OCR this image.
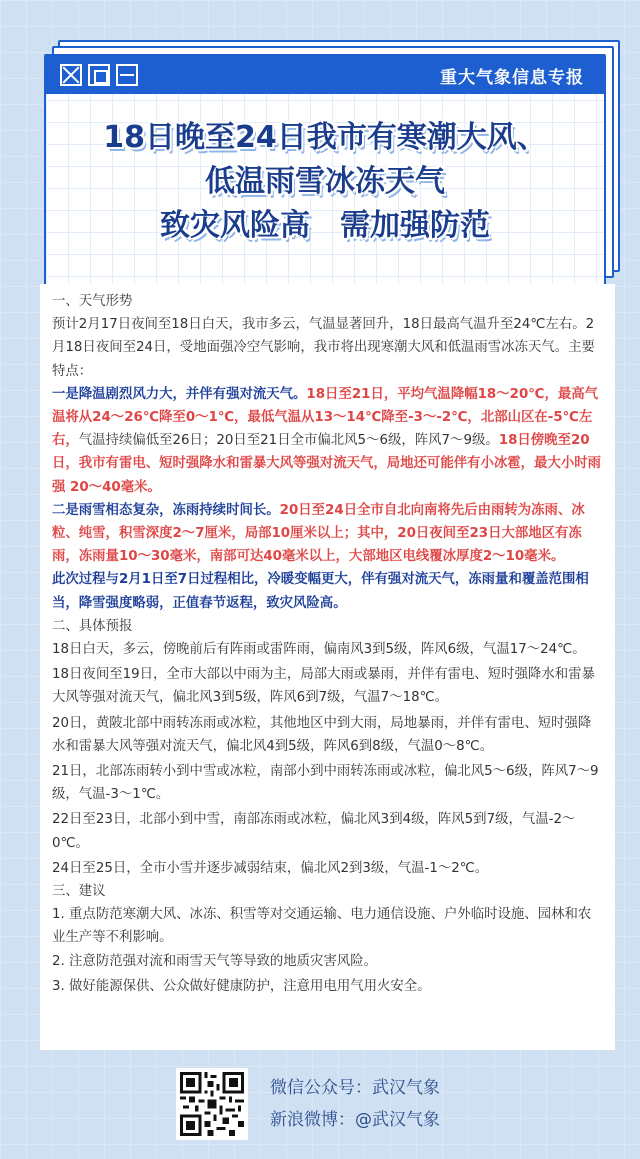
重大气象信息专报
18日晚至24日我市有寒潮大风、
低温雨雪冰冻天气
致灾风险高　需加强防范

一、天气形势

预计2月17日夜间至18日白天，我市多云，气温显著回升，18日最高气温升至24℃左右。2月18日夜间至24日，受地面强冷空气影响，我市将出现寒潮大风和低温雨雪冰冻天气。主要特点：

一是降温剧烈风力大，并伴有强对流天气。18日至21日，平均气温降幅18～20℃，最高气温将从24～26℃降至0～1℃，最低气温从13～14℃降至-3～-2℃，北部山区在-5℃左右，气温持续偏低至26日；20日至21日全市偏北风5～6级，阵风7～9级。18日傍晚至20日，我市有雷电、短时强降水和雷暴大风等强对流天气，局地还可能伴有小冰雹，最大小时雨强 20～40毫米。

二是雨雪相态复杂，冻雨持续时间长。20日至24日全市自北向南将先后由雨转为冻雨、冰粒、纯雪，积雪深度2～7厘米，局部10厘米以上；其中，20日夜间至23日大部地区有冻雨，冻雨量10～30毫米，南部可达40毫米以上，大部地区电线覆冰厚度2～10毫米。

此次过程与2月1日至7日过程相比，冷暖变幅更大，伴有强对流天气，冻雨量和覆盖范围相当，降雪强度略弱，正值春节返程，致灾风险高。

二、具体预报

18日白天，多云，傍晚前后有阵雨或雷阵雨，偏南风3到5级，阵风6级，气温17～24℃。

18日夜间至19日，全市大部以中雨为主，局部大雨或暴雨，并伴有雷电、短时强降水和雷暴大风等强对流天气，偏北风3到5级，阵风6到7级，气温7～18℃。

20日，黄陂北部中雨转冻雨或冰粒，其他地区中到大雨，局地暴雨，并伴有雷电、短时强降水和雷暴大风等强对流天气，偏北风4到5级，阵风6到8级，气温0～8℃。

21日，北部冻雨转小到中雪或冰粒，南部小到中雨转冻雨或冰粒，偏北风5～6级，阵风7～9级，气温-3～1℃。

22日至23日，北部小到中雪，南部冻雨或冰粒，偏北风3到4级，阵风5到7级，气温-2～0℃。

24日至25日，全市小雪并逐步减弱结束，偏北风2到3级，气温-1～2℃。

三、建议

1. 重点防范寒潮大风、冰冻、积雪等对交通运输、电力通信设施、户外临时设施、园林和农业生产等不利影响。

2. 注意防范强对流和雨雪天气等导致的地质灾害风险。

3. 做好能源保供、公众做好健康防护，注意用电用气用火安全。

微信公众号：武汉气象
新浪微博：@武汉气象
